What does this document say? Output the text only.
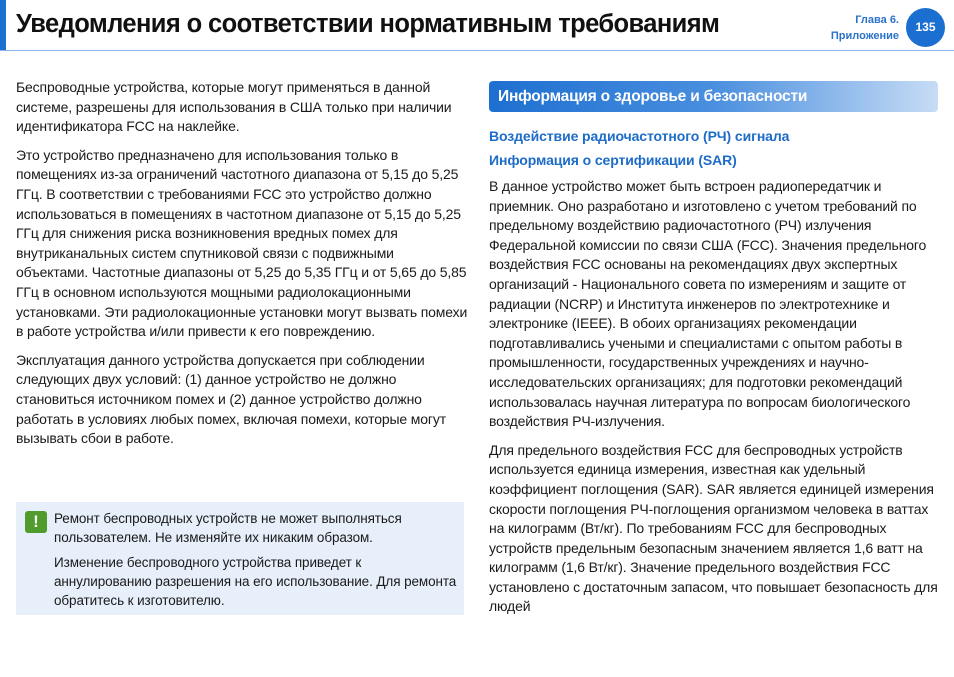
Уведомления о соответствии нормативным требованиям	Глава 6.
Приложение
135

Беспроводные устройства, которые могут применяться в данной системе, разрешены для использования в США только при наличии идентификатора FCC на наклейке.

Это устройство предназначено для использования только в помещениях из-за ограничений частотного диапазона от 5,15 до 5,25 ГГц. В соответствии с требованиями FCC это устройство должно использоваться в помещениях в частотном диапазоне от 5,15 до 5,25 ГГц для снижения риска возникновения вредных помех для внутриканальных систем спутниковой связи с подвижными объектами. Частотные диапазоны от 5,25 до 5,35 ГГц и от 5,65 до 5,85 ГГц в основном используются мощными радиолокационными установками. Эти радиолокационные установки могут вызвать помехи в работе устройства и/или привести к его повреждению.

Эксплуатация данного устройства допускается при соблюдении следующих двух условий: (1) данное устройство не должно становиться источником помех и (2) данное устройство должно работать в условиях любых помех, включая помехи, которые могут вызывать сбои в работе.

!	Ремонт беспроводных устройств не может выполняться пользователем. Не изменяйте их никаким образом.

Изменение беспроводного устройства приведет к аннулированию разрешения на его использование. Для ремонта обратитесь к изготовителю.

Информация о здоровье и безопасности
Воздействие радиочастотного (РЧ) сигнала
Информация о сертификации (SAR)

В данное устройство может быть встроен радиопередатчик и приемник. Оно разработано и изготовлено с учетом требований по предельному воздействию радиочастотного (РЧ) излучения Федеральной комиссии по связи США (FCC). Значения предельного воздействия FCC основаны на рекомендациях двух экспертных организаций - Национального совета по измерениям и защите от радиации (NCRP) и Института инженеров по электротехнике и электронике (IEEE). В обоих организациях рекомендации подготавливались учеными и специалистами с опытом работы в промышленности, государственных учреждениях и научно-исследовательских организациях; для подготовки рекомендаций использовалась научная литература по вопросам биологического воздействия РЧ-излучения.

Для предельного воздействия FCC для беспроводных устройств используется единица измерения, известная как удельный коэффициент поглощения (SAR). SAR является единицей измерения скорости поглощения РЧ-поглощения организмом человека в ваттах на килограмм (Вт/кг). По требованиям FCC для беспроводных устройств предельным безопасным значением является 1,6 ватт на килограмм (1,6 Вт/кг). Значение предельного воздействия FCC установлено с достаточным запасом, что повышает безопасность для людей
